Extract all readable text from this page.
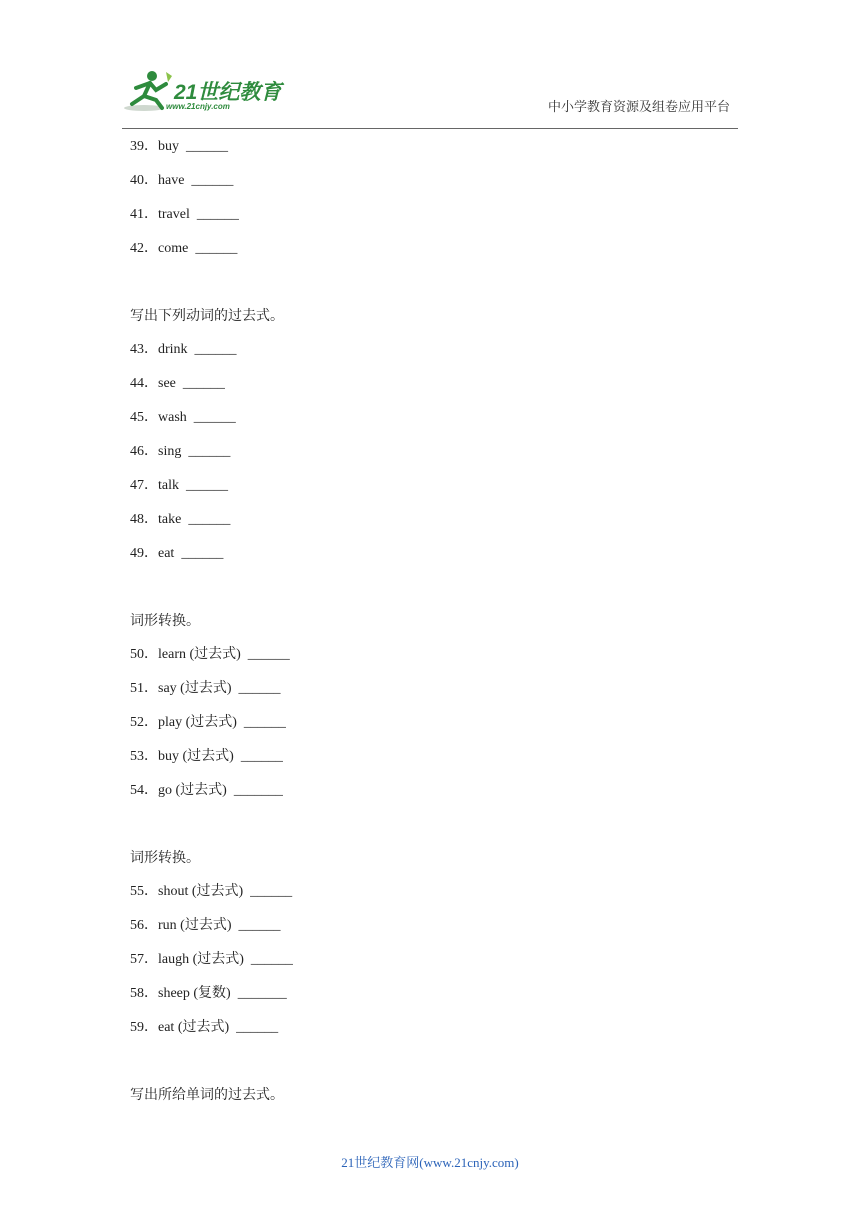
21世纪教育
www.21cnjy.com	中小学教育资源及组卷应用平台
39．buy  ______
40．have  ______
41．travel  ______
42．come  ______
写出下列动词的过去式。
43．drink  ______
44．see  ______
45．wash  ______
46．sing  ______
47．talk  ______
48．take  ______
49．eat  ______
词形转换。
50．learn (过去式)  ______
51．say (过去式)  ______
52．play (过去式)  ______
53．buy (过去式)  ______
54．go (过去式)  _______
词形转换。
55．shout (过去式)  ______
56．run (过去式)  ______
57．laugh (过去式)  ______
58．sheep (复数)  _______
59．eat (过去式)  ______
写出所给单词的过去式。
21世纪教育网(www.21cnjy.com)
